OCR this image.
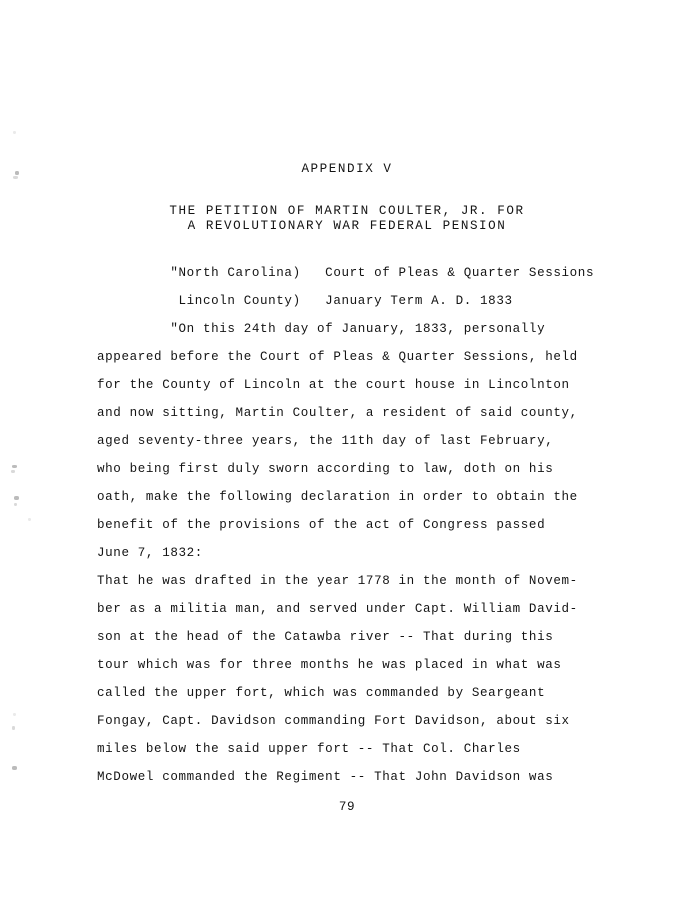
APPENDIX V
THE PETITION OF MARTIN COULTER, JR. FOR
A REVOLUTIONARY WAR FEDERAL PENSION
"North Carolina)   Court of Pleas & Quarter Sessions
Lincoln County)   January Term A. D. 1833
"On this 24th day of January, 1833, personally
appeared before the Court of Pleas & Quarter Sessions, held
for the County of Lincoln at the court house in Lincolnton
and now sitting, Martin Coulter, a resident of said county,
aged seventy-three years, the 11th day of last February,
who being first duly sworn according to law, doth on his
oath, make the following declaration in order to obtain the
benefit of the provisions of the act of Congress passed
June 7, 1832:
That he was drafted in the year 1778 in the month of Novem-
ber as a militia man, and served under Capt. William David-
son at the head of the Catawba river -- That during this
tour which was for three months he was placed in what was
called the upper fort, which was commanded by Seargeant
Fongay, Capt. Davidson commanding Fort Davidson, about six
miles below the said upper fort -- That Col. Charles
McDowel commanded the Regiment -- That John Davidson was
79
